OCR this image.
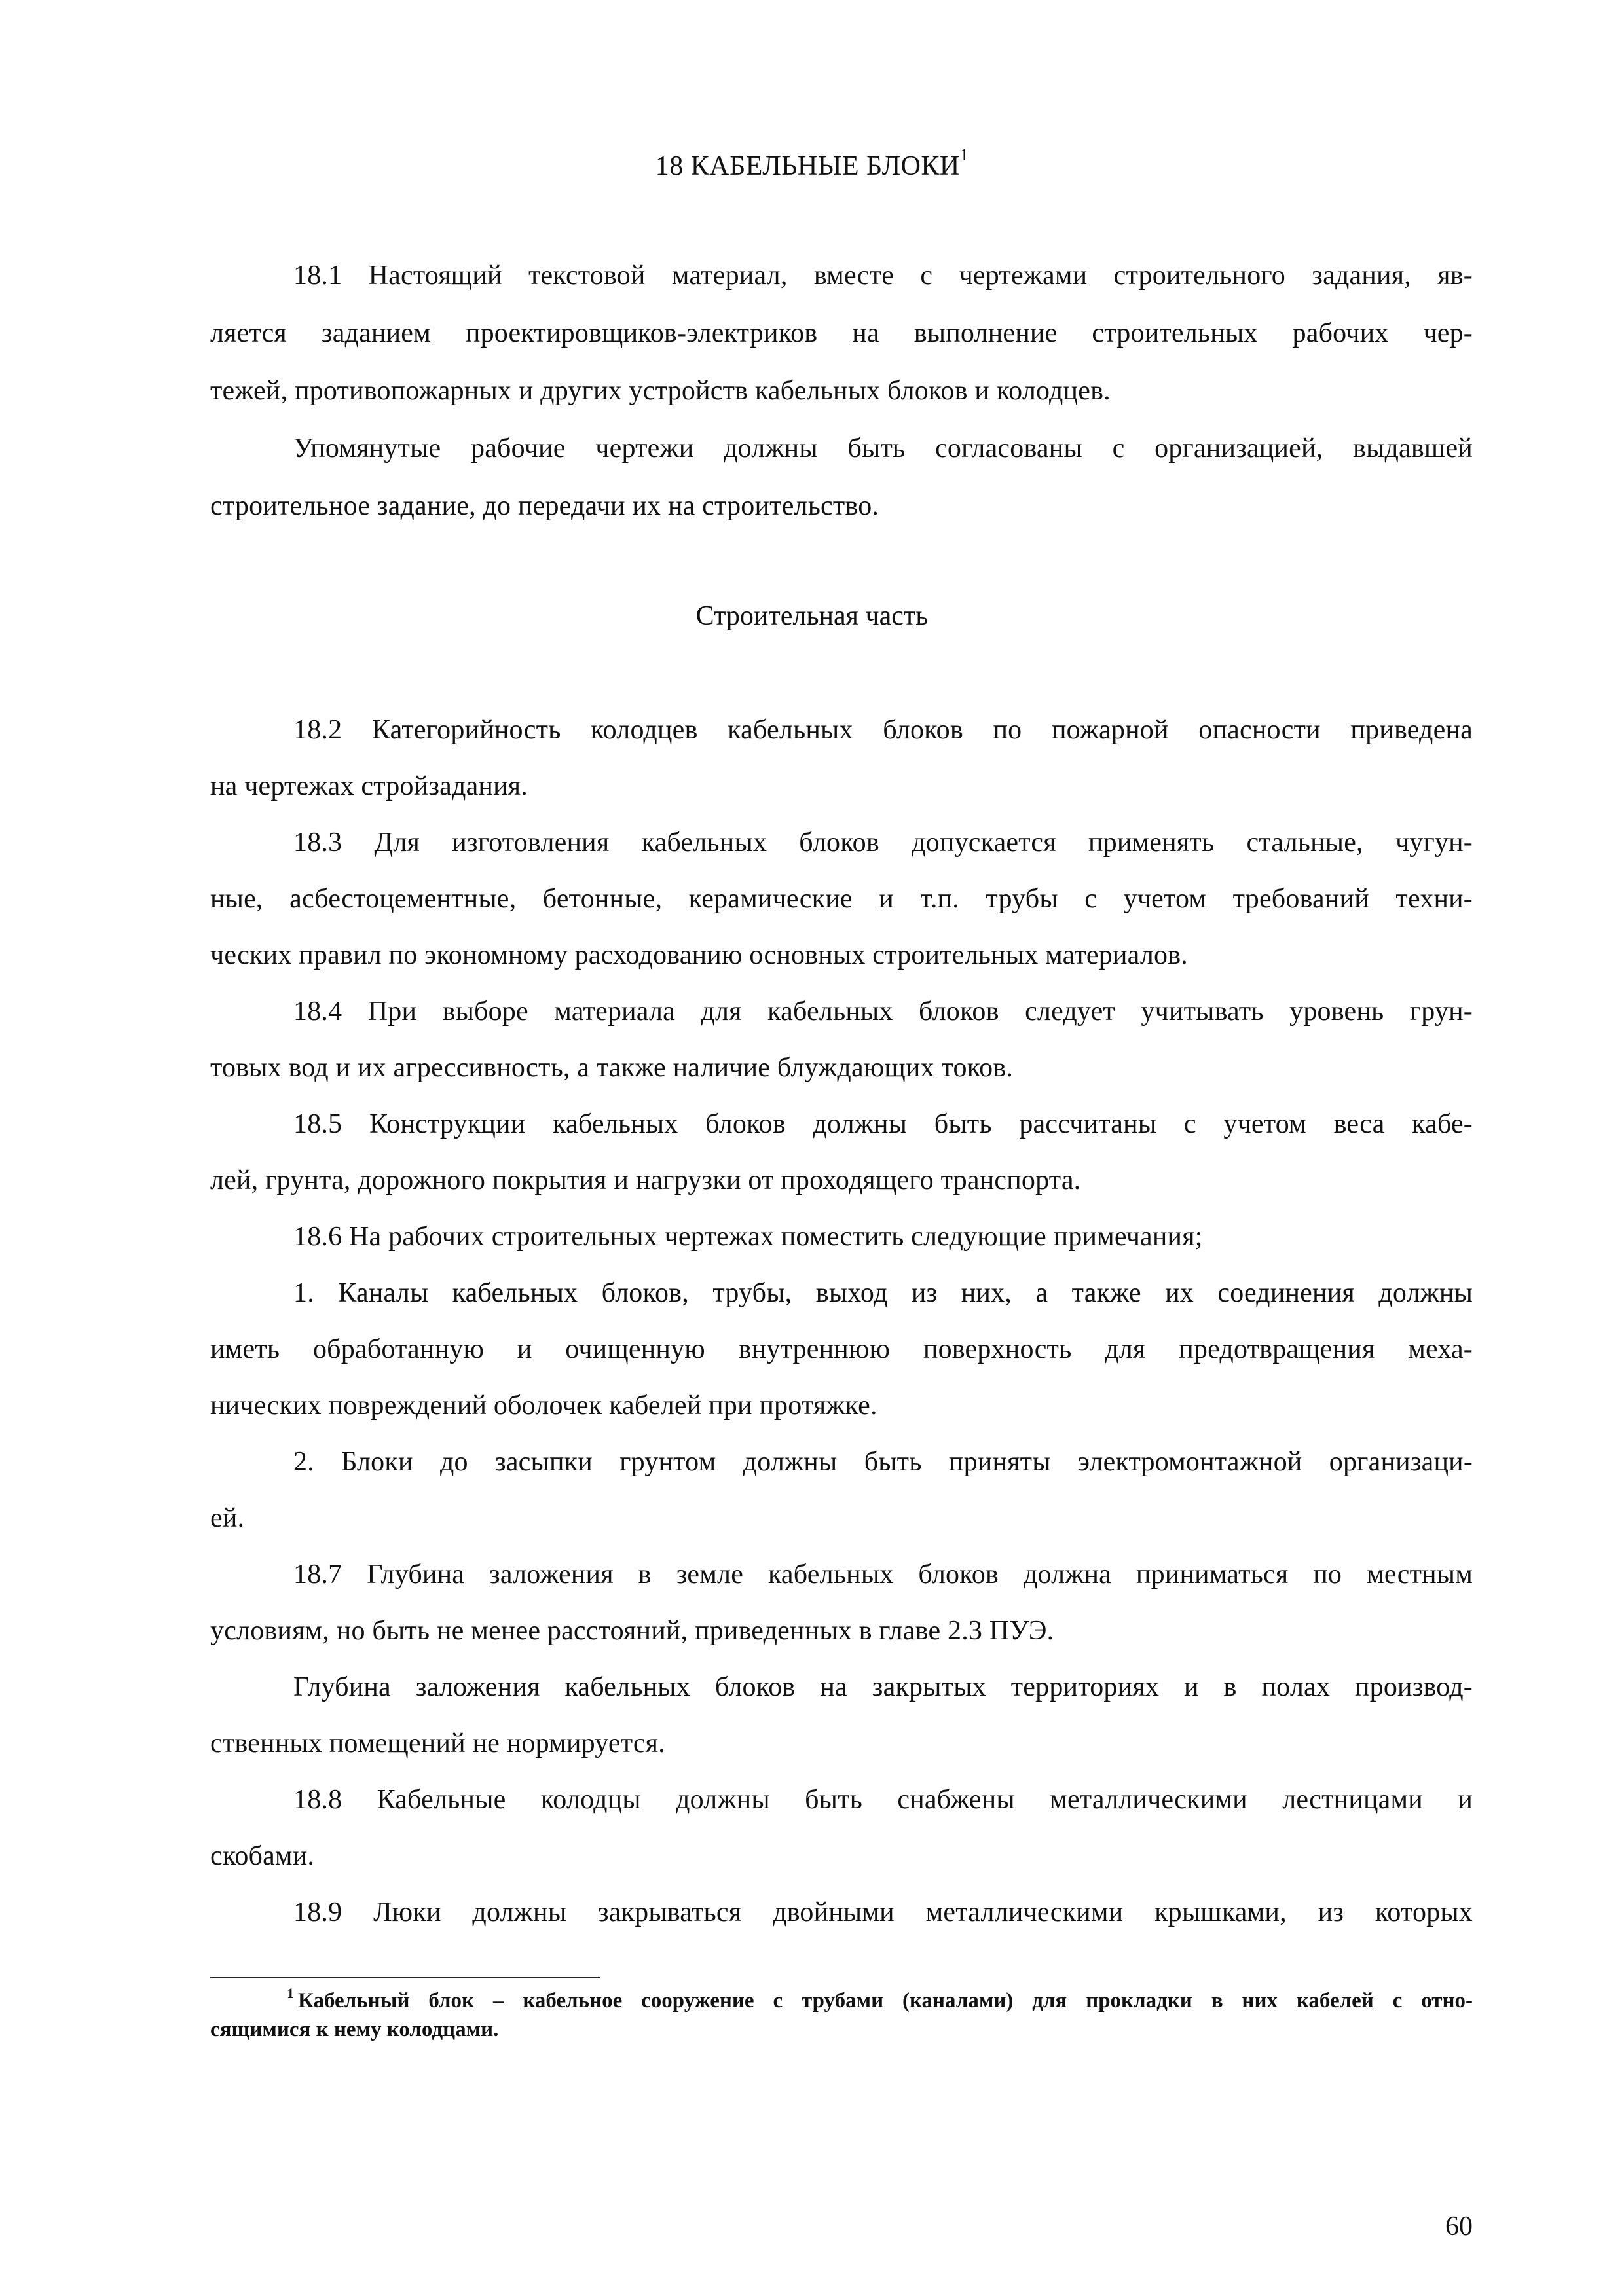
18 КАБЕЛЬНЫЕ БЛОКИ$^1$
18.1 Настоящий текстовой материал, вместе с чертежами строительного задания, яв-
ляется заданием проектировщиков-электриков на выполнение строительных рабочих чер-
тежей, противопожарных и других устройств кабельных блоков и колодцев.
Упомянутые рабочие чертежи должны быть согласованы с организацией, выдавшей
строительное задание, до передачи их на строительство.
Строительная часть
18.2 Категорийность колодцев кабельных блоков по пожарной опасности приведена
на чертежах стройзадания.
18.3 Для изготовления кабельных блоков допускается применять стальные, чугун-
ные, асбестоцементные, бетонные, керамические и т.п. трубы с учетом требований техни-
ческих правил по экономному расходованию основных строительных материалов.
18.4 При выборе материала для кабельных блоков следует учитывать уровень грун-
товых вод и их агрессивность, а также наличие блуждающих токов.
18.5 Конструкции кабельных блоков должны быть рассчитаны с учетом веса кабе-
лей, грунта, дорожного покрытия и нагрузки от проходящего транспорта.
18.6 На рабочих строительных чертежах поместить следующие примечания;
1. Каналы кабельных блоков, трубы, выход из них, а также их соединения должны
иметь обработанную и очищенную внутреннюю поверхность для предотвращения меха-
нических повреждений оболочек кабелей при протяжке.
2. Блоки до засыпки грунтом должны быть приняты электромонтажной организаци-
ей.
18.7 Глубина заложения в земле кабельных блоков должна приниматься по местным
условиям, но быть не менее расстояний, приведенных в главе 2.3 ПУЭ.
Глубина заложения кабельных блоков на закрытых территориях и в полах производ-
ственных помещений не нормируется.
18.8 Кабельные колодцы должны быть снабжены металлическими лестницами и
скобами.
18.9 Люки должны закрываться двойными металлическими крышками, из которых
$^1$ Кабельный блок – кабельное сооружение с трубами (каналами) для прокладки в них кабелей с отно-
сящимися к нему колодцами.
60
